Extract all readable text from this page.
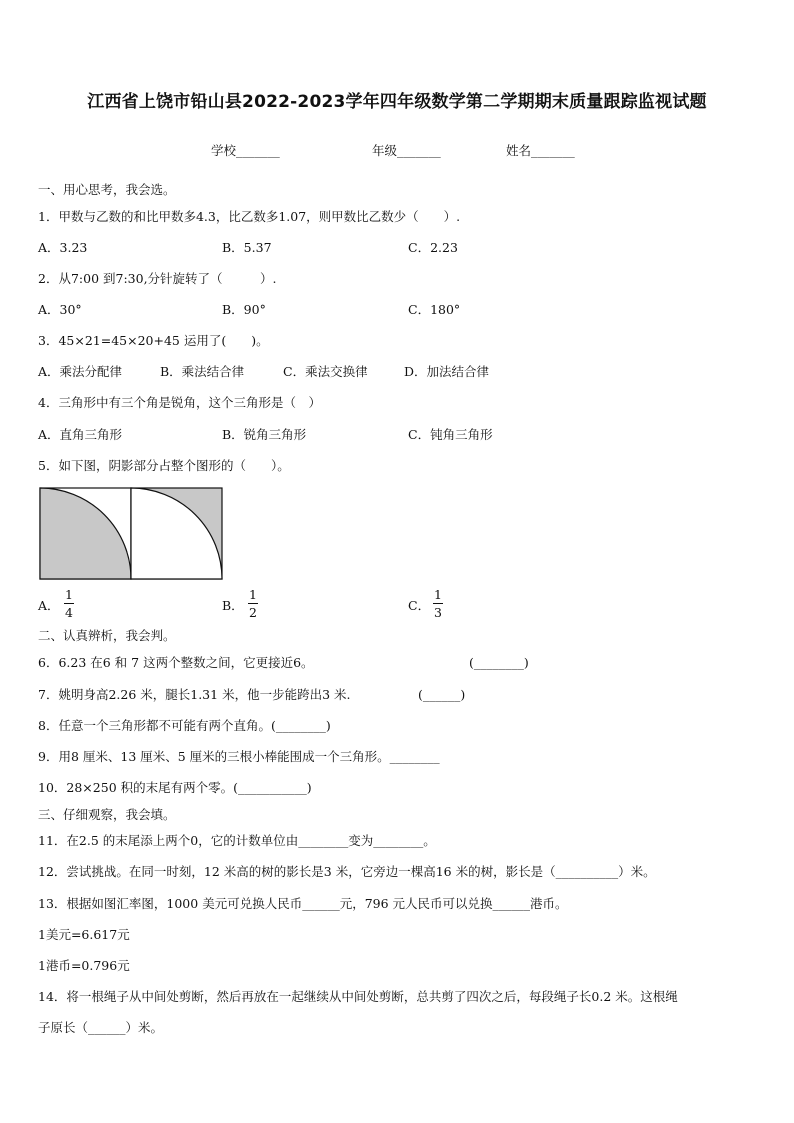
江西省上饶市铅山县2022-2023学年四年级数学第二学期期末质量跟踪监视试题
学校_______	年级_______	姓名_______
一、用心思考，我会选。
1．甲数与乙数的和比甲数多4.3，比乙数多1.07，则甲数比乙数少（　　）.
A．3.23	B．5.37	C．2.23
2．从7:00 到7:30,分针旋转了（　　　）.
A．30°	B．90°	C．180°
3．45×21=45×20+45 运用了(　　)。
A．乘法分配律	B．乘法结合律	C．乘法交换律	D．加法结合律
4．三角形中有三个角是锐角，这个三角形是（　）
A．直角三角形	B．锐角三角形	C．钝角三角形
5．如下图，阴影部分占整个图形的（　　）。
A．
1
4	B．
1
2	C．
1
3
二、认真辨析，我会判。
6．6.23 在6 和 7 这两个整数之间，它更接近6。	(________)
7．姚明身高2.26 米，腿长1.31 米，他一步能跨出3 米.	(______)
8．任意一个三角形都不可能有两个直角。(________)
9．用8 厘米、13 厘米、5 厘米的三根小棒能围成一个三角形。________
10．28×250 积的末尾有两个零。(___________)
三、仔细观察，我会填。
11．在2.5 的末尾添上两个0，它的计数单位由________变为________。
12．尝试挑战。在同一时刻，12 米高的树的影长是3 米，它旁边一棵高16 米的树，影长是（__________）米。
13．根据如图汇率图，1000 美元可兑换人民币______元，796 元人民币可以兑换______港币。
1美元=6.617元
1港币=0.796元
14．将一根绳子从中间处剪断，然后再放在一起继续从中间处剪断，总共剪了四次之后，每段绳子长0.2 米。这根绳
子原长（______）米。
